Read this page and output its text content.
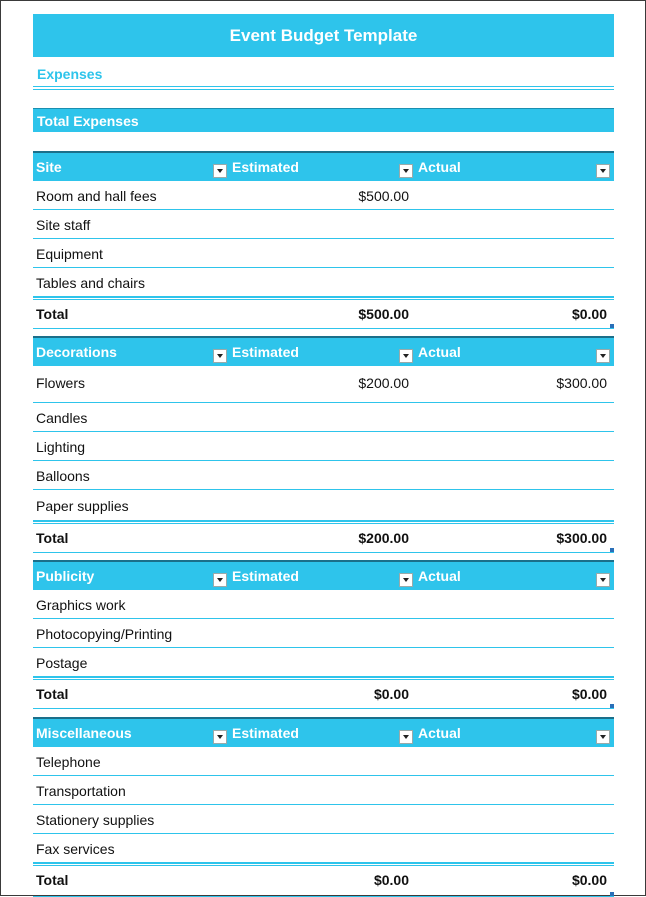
Event Budget Template
Expenses
Total Expenses
Site	Estimated	Actual
Room and hall fees	$500.00
Site staff
Equipment
Tables and chairs
Total	$500.00	$0.00
Decorations	Estimated	Actual
Flowers	$200.00	$300.00
Candles
Lighting
Balloons
Paper supplies
Total	$200.00	$300.00
Publicity	Estimated	Actual
Graphics work
Photocopying/Printing
Postage
Total	$0.00	$0.00
Miscellaneous	Estimated	Actual
Telephone
Transportation
Stationery supplies
Fax services
Total	$0.00	$0.00
